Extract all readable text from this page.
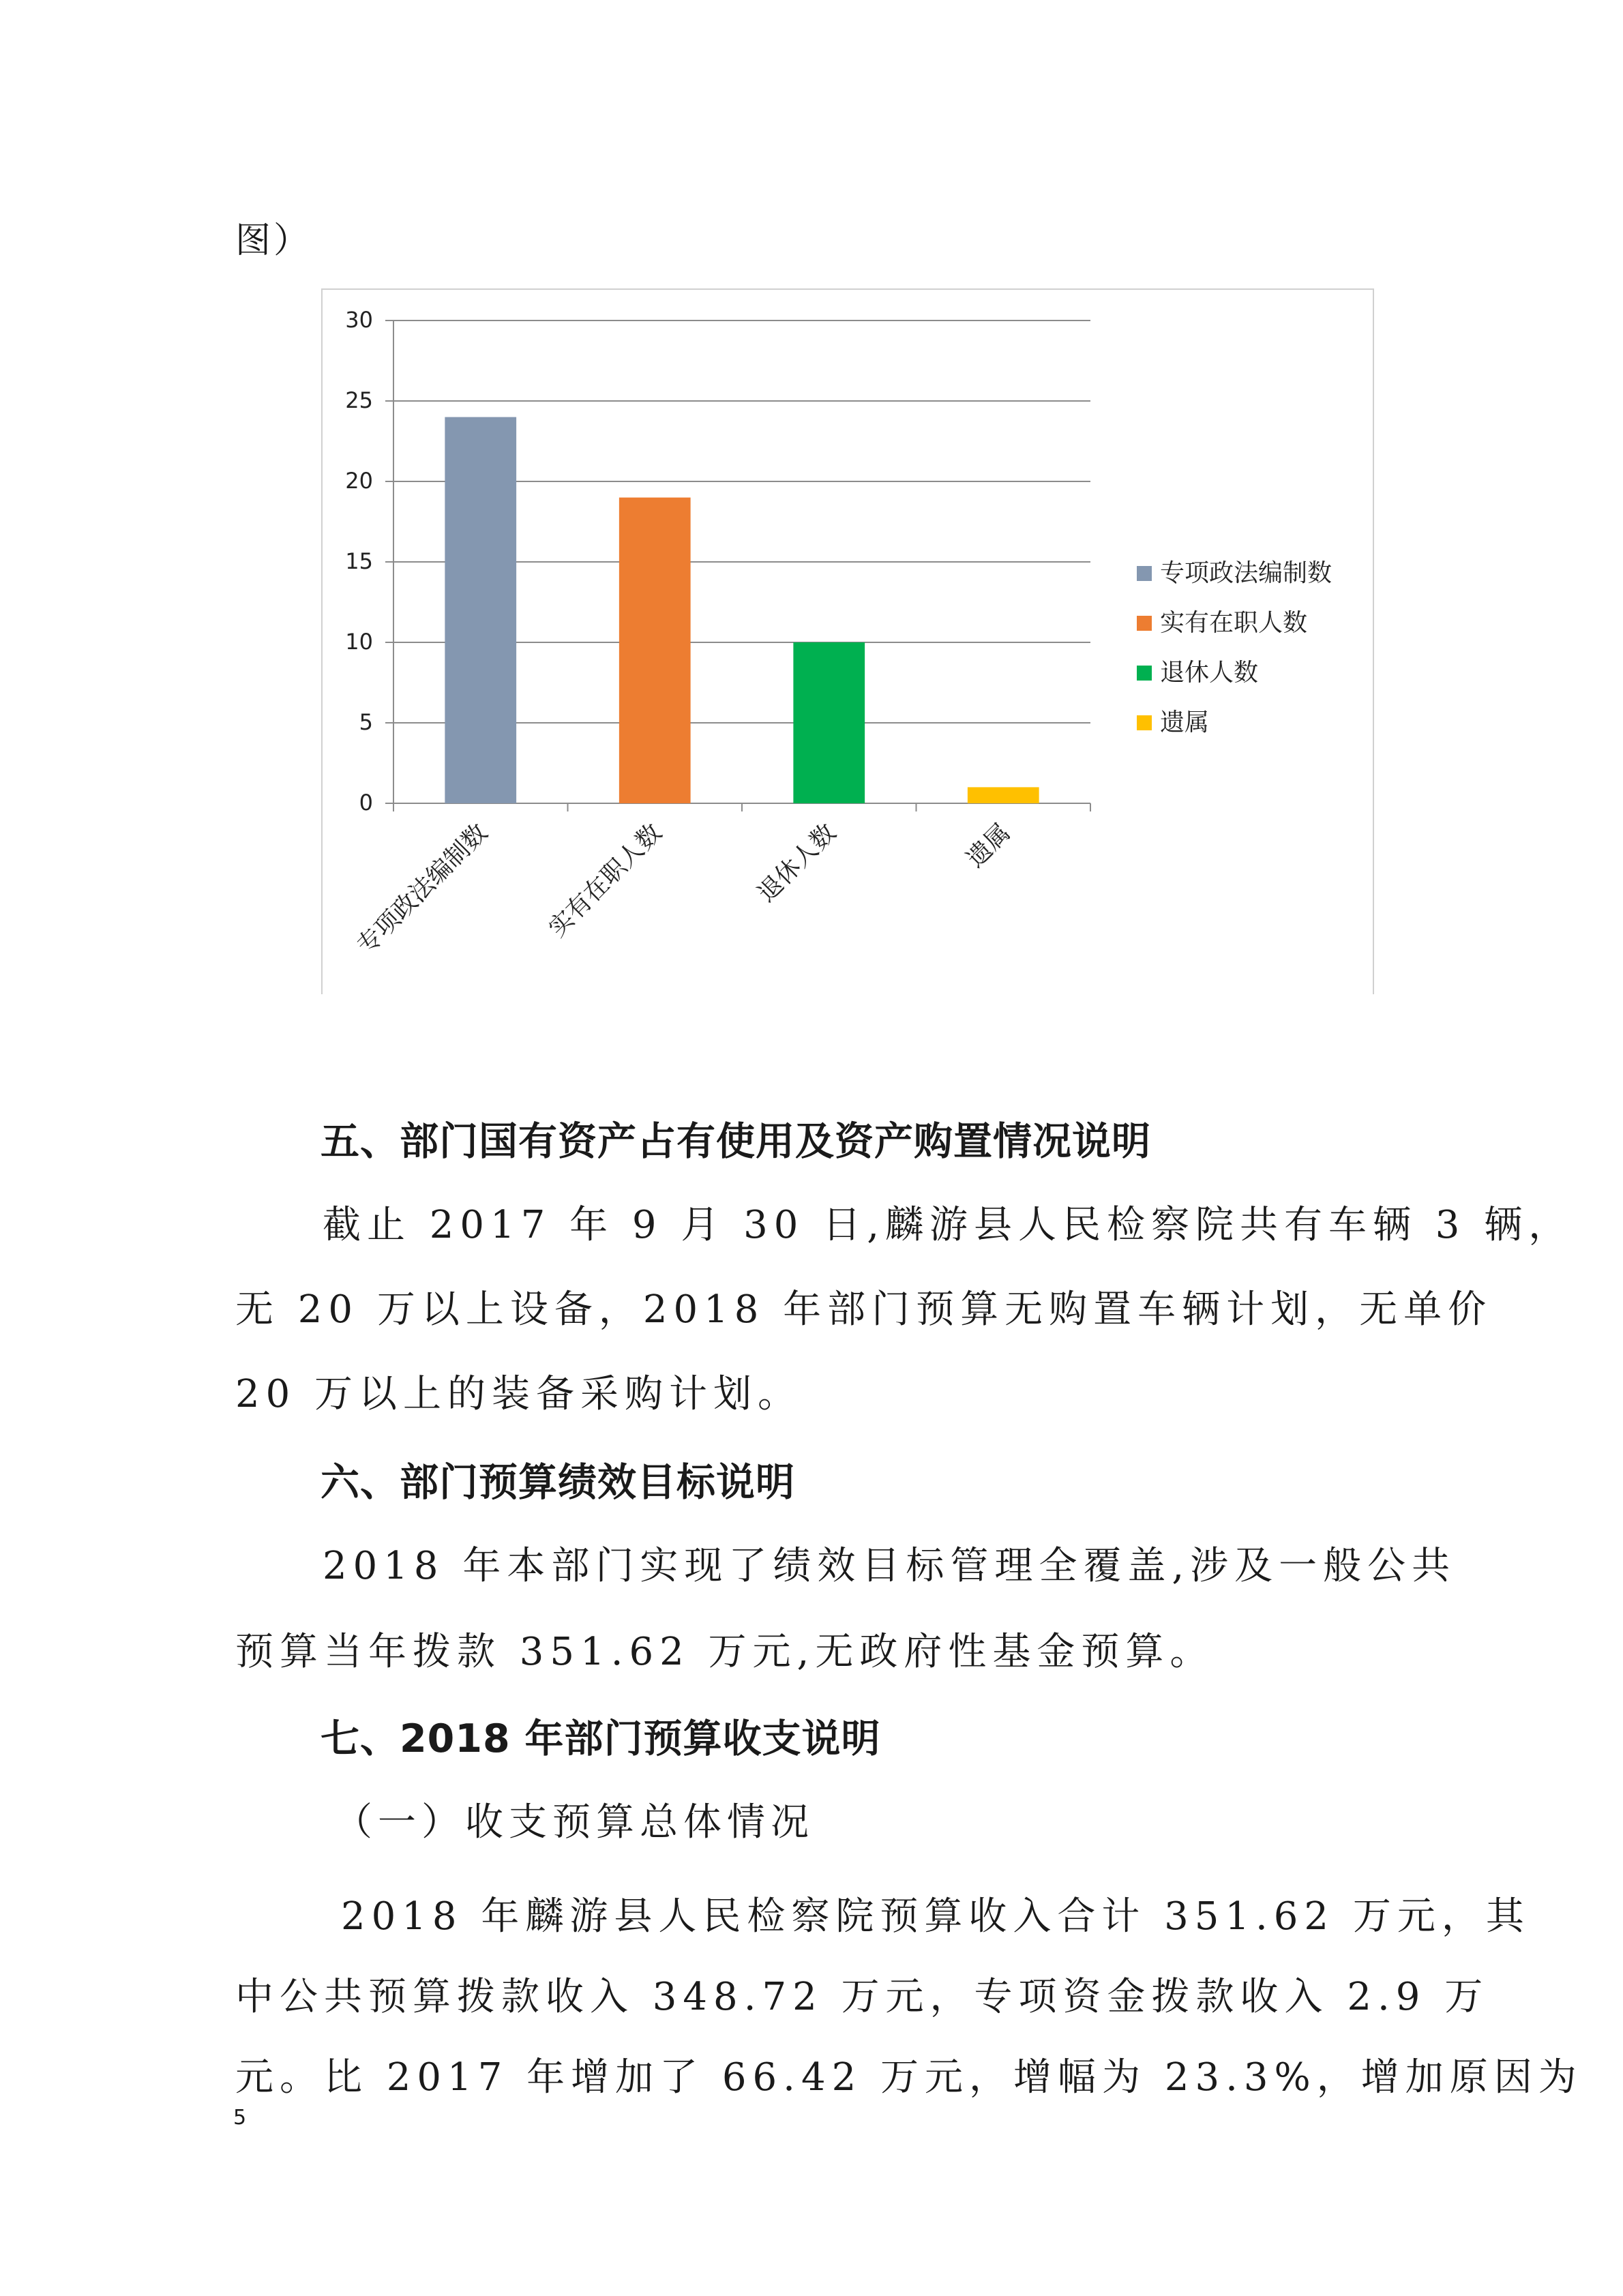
图）
0
5
10
15
20
25
30
专项政法编制数 实有在职人数	退休人数	遗属
专项政法编制数
实有在职人数
退休人数
遗属
五、部门国有资产占有使用及资产购置情况说明
截止 2017 年 9 月 30 日,麟游县人民检察院共有车辆 3 辆，
无 20 万以上设备，2018 年部门预算无购置车辆计划，无单价
20 万以上的装备采购计划。
六、部门预算绩效目标说明
2018 年本部门实现了绩效目标管理全覆盖,涉及一般公共
预算当年拨款 351.62 万元,无政府性基金预算。
七、2018 年部门预算收支说明
（一）收支预算总体情况
2018 年麟游县人民检察院预算收入合计 351.62 万元，其
中公共预算拨款收入 348.72 万元，专项资金拨款收入 2.9 万
元。比 2017 年增加了 66.42 万元，增幅为 23.3%，增加原因为
5
